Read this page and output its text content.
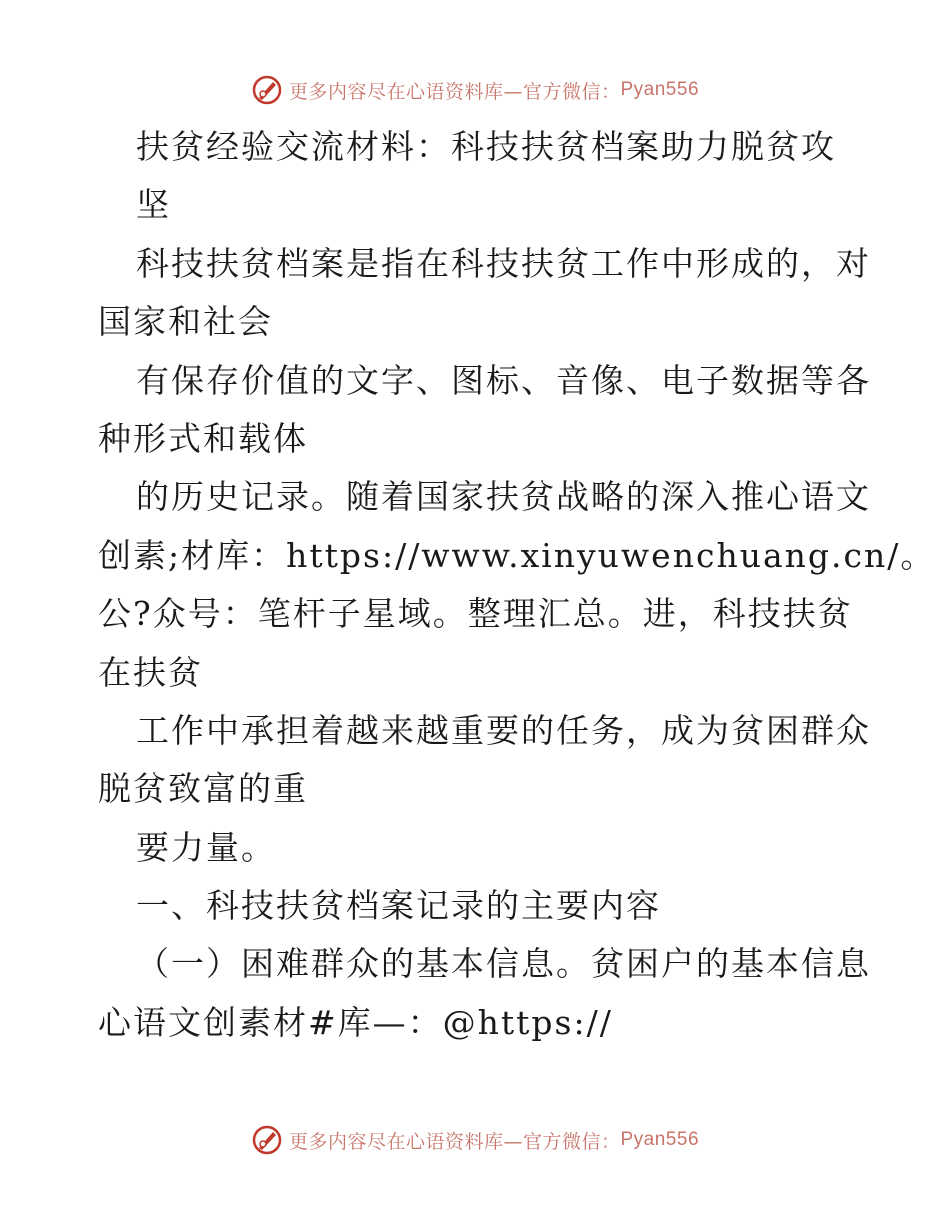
更多内容尽在心语资料库—官方微信： Pyan556
扶贫经验交流材料：科技扶贫档案助力脱贫攻
坚
科技扶贫档案是指在科技扶贫工作中形成的，对
国家和社会
有保存价值的文字、图标、音像、电子数据等各
种形式和载体
的历史记录。随着国家扶贫战略的深入推心语文
创素;材库：https://www.xinyuwenchuang.cn/。
公?众号：笔杆子星域。整理汇总。进，科技扶贫
在扶贫
工作中承担着越来越重要的任务，成为贫困群众
脱贫致富的重
要力量。
一、科技扶贫档案记录的主要内容
（一）困难群众的基本信息。贫困户的基本信息
心语文创素材#库—：@https://
更多内容尽在心语资料库—官方微信： Pyan556
